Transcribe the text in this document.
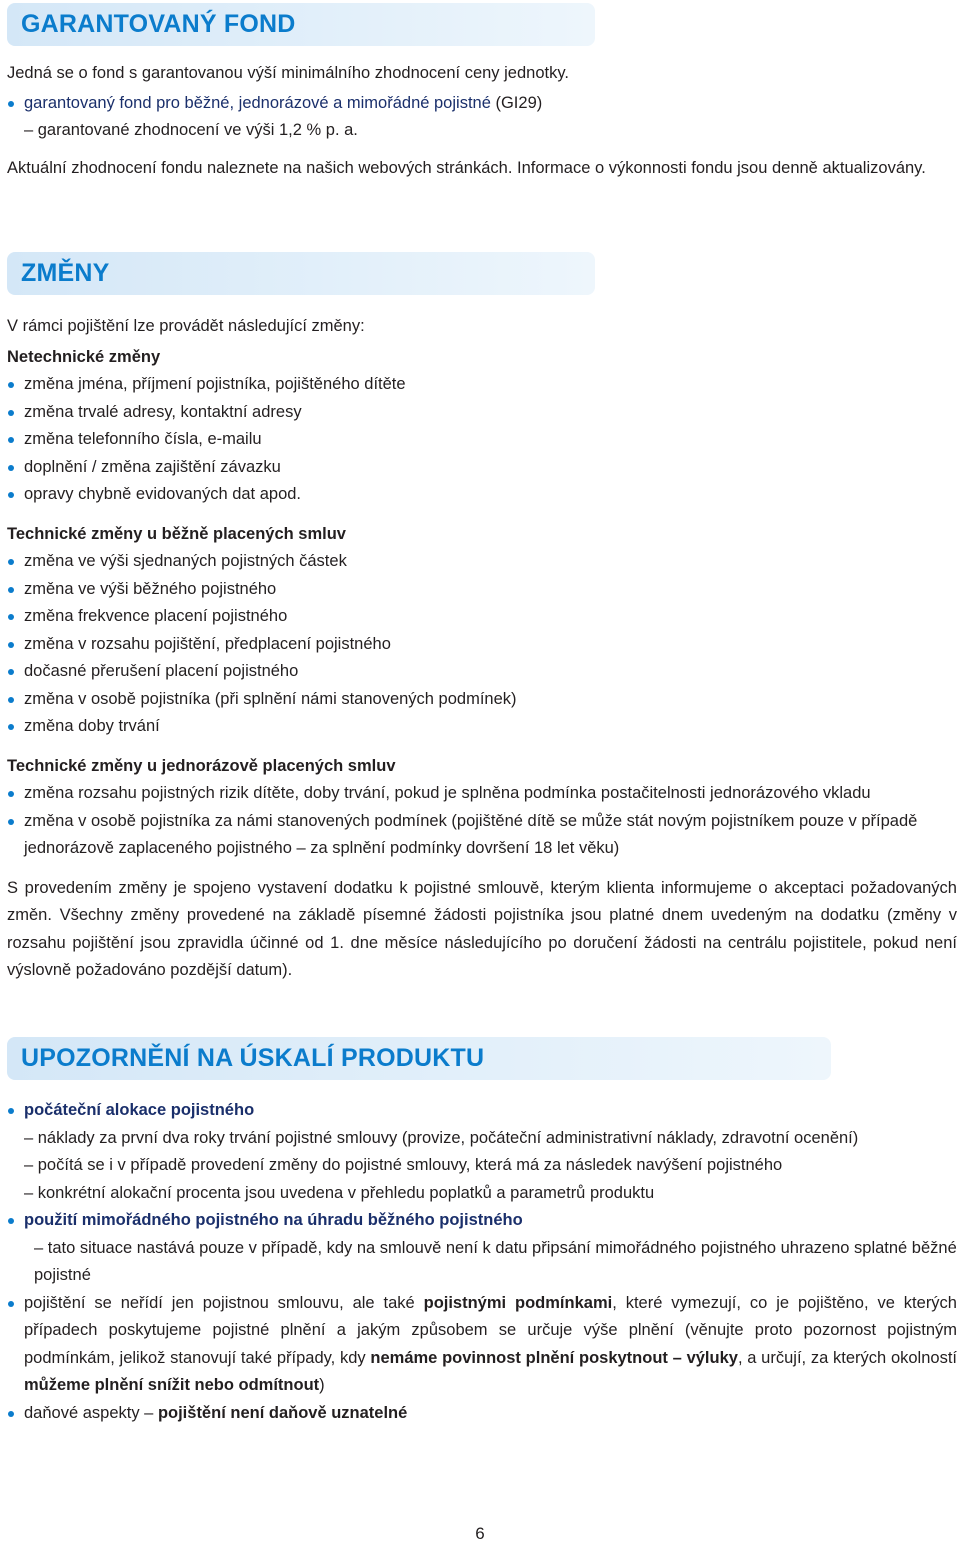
GARANTOVANÝ FOND

Jedná se o fond s garantovanou výší minimálního zhodnocení ceny jednotky.

garantovaný fond pro běžné, jednorázové a mimořádné pojistné (GI29)

– garantované zhodnocení ve výši 1,2 % p. a.

Aktuální zhodnocení fondu naleznete na našich webových stránkách. Informace o výkonnosti fondu jsou denně aktualizovány.

ZMĚNY

V rámci pojištění lze provádět následující změny:

Netechnické změny

změna jména, příjmení pojistníka, pojištěného dítěte

změna trvalé adresy, kontaktní adresy

změna telefonního čísla, e-mailu

doplnění / změna zajištění závazku

opravy chybně evidovaných dat apod.

Technické změny u běžně placených smluv

změna ve výši sjednaných pojistných částek

změna ve výši běžného pojistného

změna frekvence placení pojistného

změna v rozsahu pojištění, předplacení pojistného

dočasné přerušení placení pojistného

změna v osobě pojistníka (při splnění námi stanovených podmínek)

změna doby trvání

Technické změny u jednorázově placených smluv

změna rozsahu pojistných rizik dítěte, doby trvání, pokud je splněna podmínka postačitelnosti jednorázového vkladu

změna v osobě pojistníka za námi stanovených podmínek (pojištěné dítě se může stát novým pojistníkem pouze v případě jednorázově zaplaceného pojistného – za splnění podmínky dovršení 18 let věku)

S provedením změny je spojeno vystavení dodatku k pojistné smlouvě, kterým klienta informujeme o akceptaci požadovaných změn. Všechny změny provedené na základě písemné žádosti pojistníka jsou platné dnem uvedeným na dodatku (změny v rozsahu pojištění jsou zpravidla účinné od 1. dne měsíce následujícího po doručení žádosti na centrálu pojistitele, pokud není výslovně požadováno pozdější datum).

UPOZORNĚNÍ NA ÚSKALÍ PRODUKTU

počáteční alokace pojistného

– náklady za první dva roky trvání pojistné smlouvy (provize, počáteční administrativní náklady, zdravotní ocenění)

– počítá se i v případě provedení změny do pojistné smlouvy, která má za následek navýšení pojistného

– konkrétní alokační procenta jsou uvedena v přehledu poplatků a parametrů produktu

použití mimořádného pojistného na úhradu běžného pojistného

– tato situace nastává pouze v případě, kdy na smlouvě není k datu připsání mimořádného pojistného uhrazeno splatné běžné pojistné

pojištění se neřídí jen pojistnou smlouvu, ale také pojistnými podmínkami, které vymezují, co je pojištěno, ve kterých případech poskytujeme pojistné plnění a jakým způsobem se určuje výše plnění (věnujte proto pozornost pojistným podmínkám, jelikož stanovují také případy, kdy nemáme povinnost plnění poskytnout – výluky, a určují, za kterých okolností můžeme plnění snížit nebo odmítnout)

daňové aspekty – pojištění není daňově uznatelné

6
